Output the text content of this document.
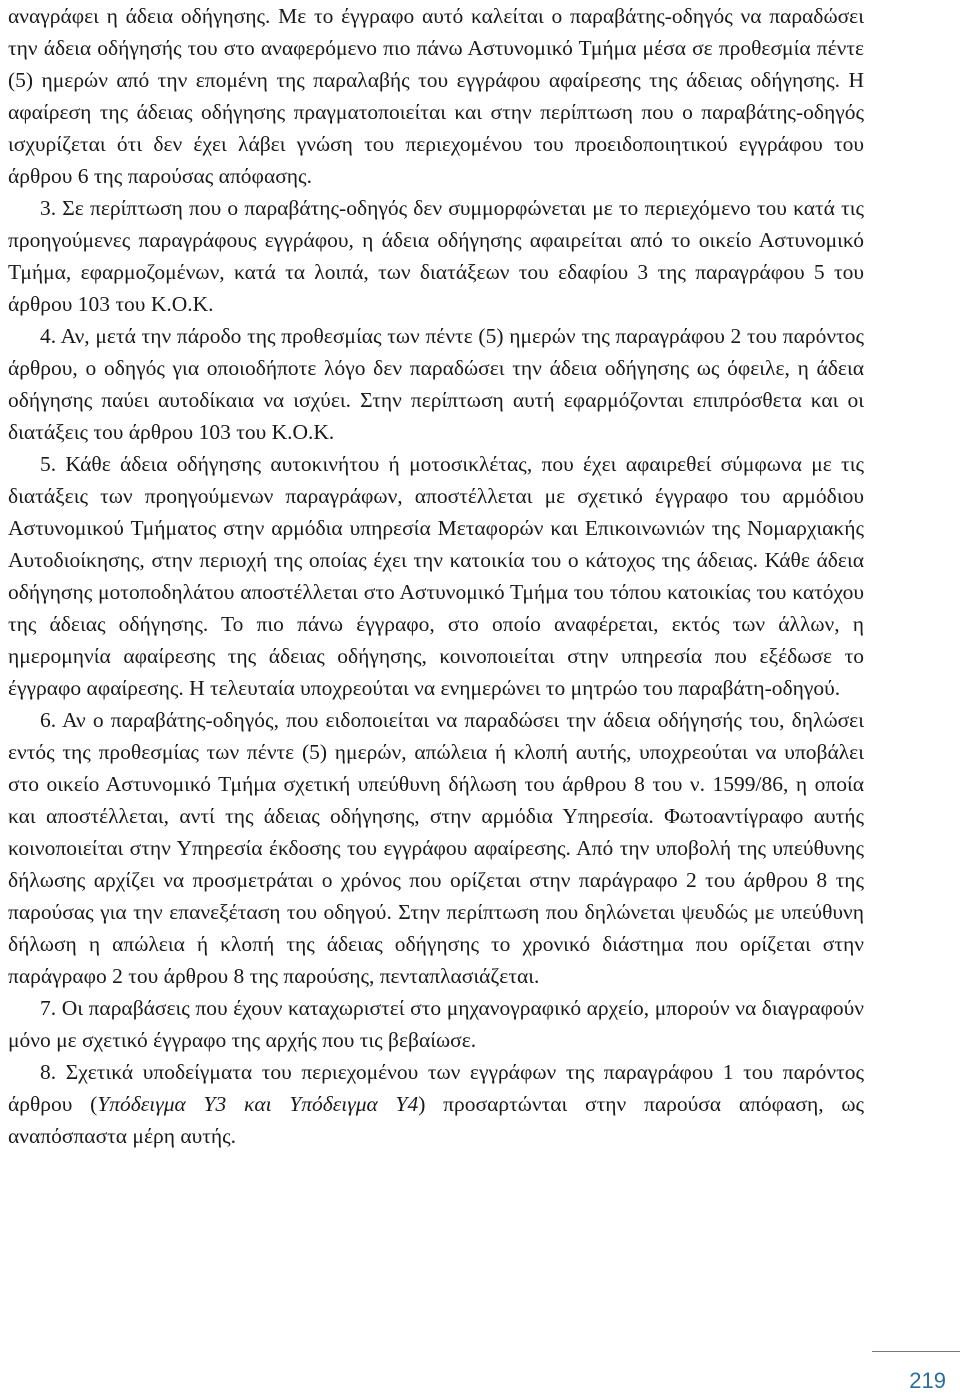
αναγράφει η άδεια οδήγησης. Με το έγγραφο αυτό καλείται ο παραβάτης-οδηγός να παραδώσει την άδεια οδήγησής του στο αναφερόμενο πιο πάνω Αστυνομικό Τμήμα μέσα σε προθεσμία πέντε (5) ημερών από την επομένη της παραλαβής του εγγράφου αφαίρεσης της άδειας οδήγησης. Η αφαίρεση της άδειας οδήγησης πραγματοποιείται και στην περίπτωση που ο παραβάτης-οδηγός ισχυρίζεται ότι δεν έχει λάβει γνώση του περιεχομένου του προειδοποιητικού εγγράφου του άρθρου 6 της παρούσας απόφασης.

3. Σε περίπτωση που ο παραβάτης-οδηγός δεν συμμορφώνεται με το περιεχόμενο του κατά τις προηγούμενες παραγράφους εγγράφου, η άδεια οδήγησης αφαιρείται από το οικείο Αστυνομικό Τμήμα, εφαρμοζομένων, κατά τα λοιπά, των διατάξεων του εδαφίου 3 της παραγράφου 5 του άρθρου 103 του Κ.Ο.Κ.

4. Αν, μετά την πάροδο της προθεσμίας των πέντε (5) ημερών της παραγράφου 2 του παρόντος άρθρου, ο οδηγός για οποιοδήποτε λόγο δεν παραδώσει την άδεια οδήγησης ως όφειλε, η άδεια οδήγησης παύει αυτοδίκαια να ισχύει. Στην περίπτωση αυτή εφαρμόζονται επιπρόσθετα και οι διατάξεις του άρθρου 103 του Κ.Ο.Κ.

5. Κάθε άδεια οδήγησης αυτοκινήτου ή μοτοσικλέτας, που έχει αφαιρεθεί σύμφωνα με τις διατάξεις των προηγούμενων παραγράφων, αποστέλλεται με σχετικό έγγραφο του αρμόδιου Αστυνομικού Τμήματος στην αρμόδια υπηρεσία Μεταφορών και Επικοινωνιών της Νομαρχιακής Αυτοδιοίκησης, στην περιοχή της οποίας έχει την κατοικία του ο κάτοχος της άδειας. Κάθε άδεια οδήγησης μοτοποδηλάτου αποστέλλεται στο Αστυνομικό Τμήμα του τόπου κατοικίας του κατόχου της άδειας οδήγησης. Το πιο πάνω έγγραφο, στο οποίο αναφέρεται, εκτός των άλλων, η ημερομηνία αφαίρεσης της άδειας οδήγησης, κοινοποιείται στην υπηρεσία που εξέδωσε το έγγραφο αφαίρεσης. Η τελευταία υποχρεούται να ενημερώνει το μητρώο του παραβάτη-οδηγού.

6. Αν ο παραβάτης-οδηγός, που ειδοποιείται να παραδώσει την άδεια οδήγησής του, δηλώσει εντός της προθεσμίας των πέντε (5) ημερών, απώλεια ή κλοπή αυτής, υποχρεούται να υποβάλει στο οικείο Αστυνομικό Τμήμα σχετική υπεύθυνη δήλωση του άρθρου 8 του ν. 1599/86, η οποία και αποστέλλεται, αντί της άδειας οδήγησης, στην αρμόδια Υπηρεσία. Φωτοαντίγραφο αυτής κοινοποιείται στην Υπηρεσία έκδοσης του εγγράφου αφαίρεσης. Από την υποβολή της υπεύθυνης δήλωσης αρχίζει να προσμετράται ο χρόνος που ορίζεται στην παράγραφο 2 του άρθρου 8 της παρούσας για την επανεξέταση του οδηγού. Στην περίπτωση που δηλώνεται ψευδώς με υπεύθυνη δήλωση η απώλεια ή κλοπή της άδειας οδήγησης το χρονικό διάστημα που ορίζεται στην παράγραφο 2 του άρθρου 8 της παρούσης, πενταπλασιάζεται.

7. Οι παραβάσεις που έχουν καταχωριστεί στο μηχανογραφικό αρχείο, μπορούν να διαγραφούν μόνο με σχετικό έγγραφο της αρχής που τις βεβαίωσε.

8. Σχετικά υποδείγματα του περιεχομένου των εγγράφων της παραγράφου 1 του παρόντος άρθρου (Υπόδειγμα Υ3 και Υπόδειγμα Υ4) προσαρτώνται στην παρούσα απόφαση, ως αναπόσπαστα μέρη αυτής.

219
